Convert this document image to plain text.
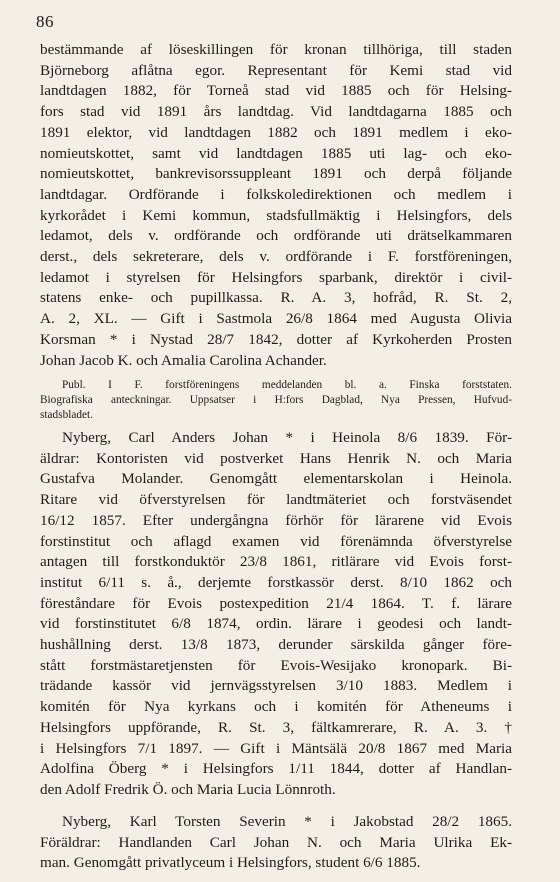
86
bestämmande af löseskillingen för kronan tillhöriga, till staden
Björneborg aflåtna egor. Representant för Kemi stad vid
landtdagen 1882, för Torneå stad vid 1885 och för Helsing-
fors stad vid 1891 års landtdag. Vid landtdagarna 1885 och
1891 elektor, vid landtdagen 1882 och 1891 medlem i eko-
nomieutskottet, samt vid landtdagen 1885 uti lag- och eko-
nomieutskottet, bankrevisorssuppleant 1891 och derpå följande
landtdagar. Ordförande i folkskoledirektionen och medlem i
kyrkorådet i Kemi kommun, stadsfullmäktig i Helsingfors, dels
ledamot, dels v. ordförande och ordförande uti drätselkammaren
derst., dels sekreterare, dels v. ordförande i F. forstföreningen,
ledamot i styrelsen för Helsingfors sparbank, direktör i civil-
statens enke- och pupillkassa. R. A. 3, hofråd, R. St. 2,
A. 2, XL. — Gift i Sastmola 26/8 1864 med Augusta Olivia
Korsman * i Nystad 28/7 1842, dotter af Kyrkoherden Prosten
Johan Jacob K. och Amalia Carolina Achander.
Publ. I F. forstföreningens meddelanden bl. a. Finska forststaten.
Biografiska anteckningar. Uppsatser i H:fors Dagblad, Nya Pressen, Hufvud-
stadsbladet.
Nyberg, Carl Anders Johan * i Heinola 8/6 1839. För-
äldrar: Kontoristen vid postverket Hans Henrik N. och Maria
Gustafva Molander. Genomgått elementarskolan i Heinola.
Ritare vid öfverstyrelsen för landtmäteriet och forstväsendet
16/12 1857. Efter undergångna förhör för lärarene vid Evois
forstinstitut och aflagd examen vid förenämnda öfverstyrelse
antagen till forstkonduktör 23/8 1861, ritlärare vid Evois forst-
institut 6/11 s. å., derjemte forstkassör derst. 8/10 1862 och
föreståndare för Evois postexpedition 21/4 1864. T. f. lärare
vid forstinstitutet 6/8 1874, ordin. lärare i geodesi och landt-
hushållning derst. 13/8 1873, derunder särskilda gånger före-
stått forstmästaretjensten för Evois-Wesijako kronopark. Bi-
trädande kassör vid jernvägsstyrelsen 3/10 1883. Medlem i
komitén för Nya kyrkans och i komitén för Atheneums i
Helsingfors uppförande, R. St. 3, fältkamrerare, R. A. 3. †
i Helsingfors 7/1 1897. — Gift i Mäntsälä 20/8 1867 med Maria
Adolfina Öberg * i Helsingfors 1/11 1844, dotter af Handlan-
den Adolf Fredrik Ö. och Maria Lucia Lönnroth.
Nyberg, Karl Torsten Severin * i Jakobstad 28/2 1865.
Föräldrar: Handlanden Carl Johan N. och Maria Ulrika Ek-
man. Genomgått privatlyceum i Helsingfors, student 6/6 1885.
